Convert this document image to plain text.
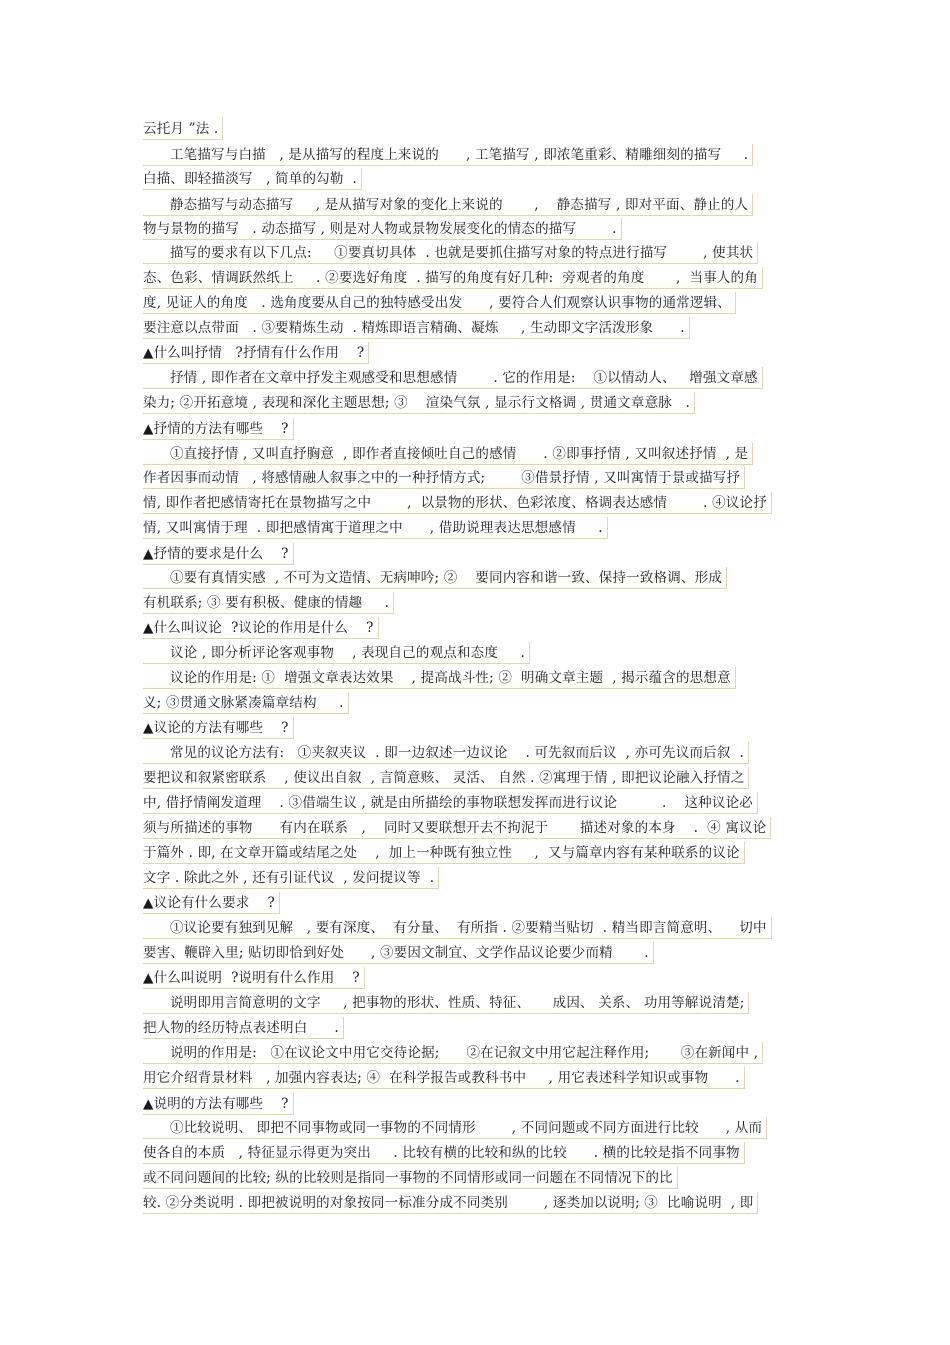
云托月 ”法 .
工笔描写与白描   , 是从描写的程度上来说的      , 工笔描写 , 即浓笔重彩、精雕细刻的描写     .
白描、即轻描淡写   , 简单的勾勒  .
静态描写与动态描写     , 是从描写对象的变化上来说的       ,    静态描写 , 即对平面、静止的人
物与景物的描写   . 动态描写 , 则是对人物或景物发展变化的情态的描写        .
描写的要求有以下几点:     ①要真切具体  . 也就是要抓住描写对象的特点进行描写        , 使其状
态、色彩、情调跃然纸上     . ②要选好角度  . 描写的角度有好几种:  旁观者的角度       ,  当事人的角
度, 见证人的角度   . 选角度要从自己的独特感受出发      , 要符合人们观察认识事物的通常逻辑、
要注意以点带面   . ③要精炼生动  . 精炼即语言精确、凝炼     , 生动即文字活泼形象      .
▲什么叫抒情   ?抒情有什么作用    ?
抒情 , 即作者在文章中抒发主观感受和思想感情        . 它的作用是:    ①以情动人、   增强文章感
染力; ②开拓意境 , 表现和深化主题思想; ③    渲染气氛 , 显示行文格调 , 贯通文章意脉   .
▲抒情的方法有哪些    ?
①直接抒情 , 又叫直抒胸意  , 即作者直接倾吐自己的感情      . ②即事抒情 , 又叫叙述抒情  , 是
作者因事而动情   , 将感情融人叙事之中的一种抒情方式;        ③借景抒情 , 又叫寓情于景或描写抒
情, 即作者把感情寄托在景物描写之中        ,  以景物的形状、色彩浓度、格调表达感情        . ④议论抒
情, 又叫寓情于理  . 即把感情寓于道理之中      , 借助说理表达思想感情     .
▲抒情的要求是什么    ?
①要有真情实感  , 不可为文造情、无病呻吟; ②    要同内容和谐一致、保持一致格调、形成
有机联系; ③ 要有积极、健康的情趣     .
▲什么叫议论  ?议论的作用是什么    ?
议论 , 即分析评论客观事物    , 表现自己的观点和态度     .
议论的作用是: ①  增强文章表达效果    , 提高战斗性; ②  明确文章主题  , 揭示蕴含的思想意
义; ③贯通文脉紧凑篇章结构     .
▲议论的方法有哪些    ?
常见的议论方法有:   ①夹叙夹议  . 即一边叙述一边议论    . 可先叙而后议  , 亦可先议而后叙  .
要把议和叙紧密联系    , 使议出自叙  , 言简意赅、 灵活、 自然 . ②寓理于情 , 即把议论融入抒情之
中, 借抒情阐发道理    . ③借端生议 , 就是由所描绘的事物联想发挥而进行议论          .    这种议论必
须与所描述的事物      有内在联系   ,    同时又要联想开去不拘泥于       描述对象的本身    .  ④ 寓议论
于篇外 . 即, 在文章开篇或结尾之处    ,  加上一种既有独立性     ,  又与篇章内容有某种联系的议论
文字 . 除此之外 , 还有引证代议  , 发问提议等  .
▲议论有什么要求    ?
①议论要有独到见解   , 要有深度、  有分量、  有所指 . ②要精当贴切  . 精当即言简意明、    切中
要害、鞭辟入里; 贴切即恰到好处      , ③要因文制宜、文学作品议论要少而精       .
▲什么叫说明  ?说明有什么作用    ?
说明即用言简意明的文字     , 把事物的形状、性质、特征、     成因、 关系、 功用等解说清楚;
把人物的经历特点表述明白      .
说明的作用是:   ①在议论文中用它交待论据;      ②在记叙文中用它起注释作用;       ③在新闻中 ,
用它介绍背景材料   , 加强内容表达; ④  在科学报告或教科书中     , 用它表述科学知识或事物      .
▲说明的方法有哪些    ?
①比较说明、 即把不同事物或同一事物的不同情形        , 不同问题或不同方面进行比较      , 从而
使各自的本质   , 特征显示得更为突出     . 比较有横的比较和纵的比较      . 横的比较是指不同事物
或不同问题间的比较; 纵的比较则是指同一事物的不同情形或同一问题在不同情况下的比
较. ②分类说明 . 即把被说明的对象按同一标准分成不同类别        , 逐类加以说明; ③  比喻说明  , 即
